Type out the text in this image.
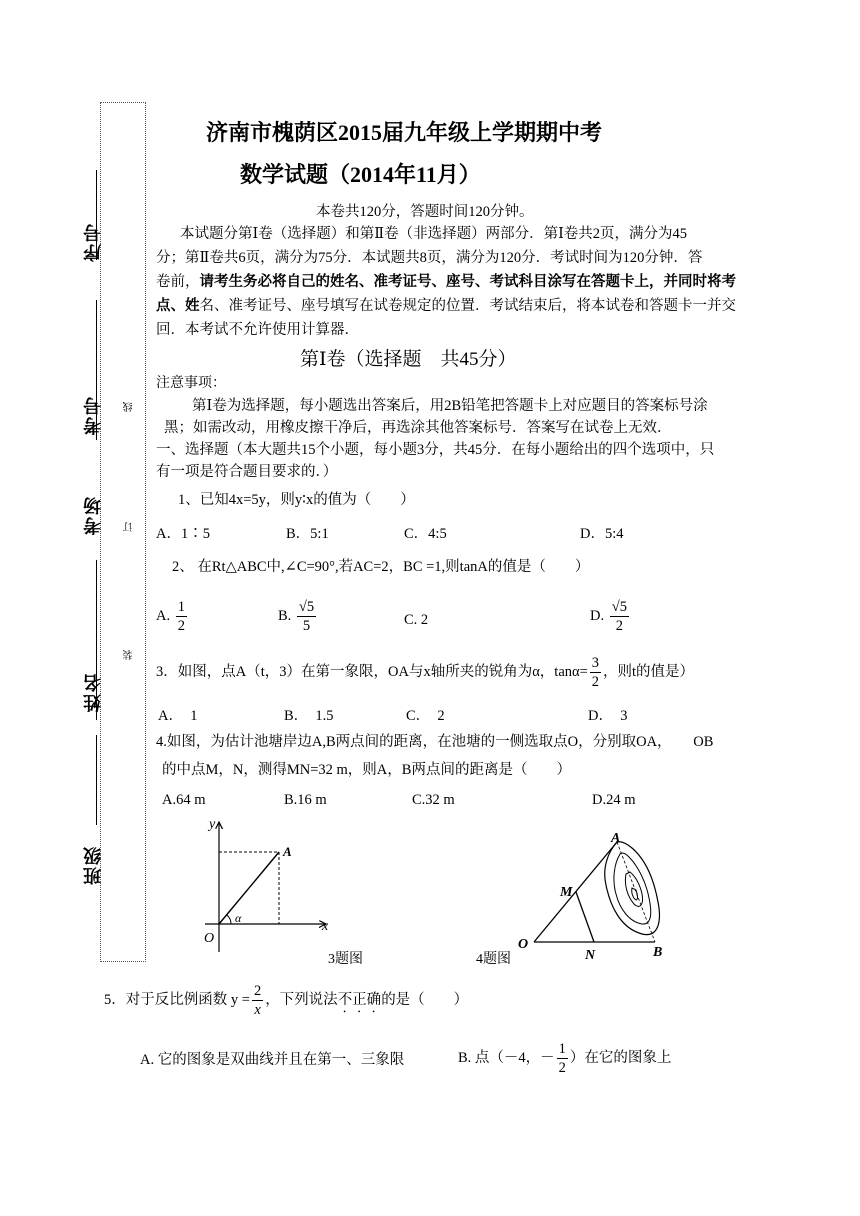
序号
考号
考场
姓名
班级
线
订
装
济南市槐荫区2015届九年级上学期期中考
数学试题（2014年11月）
本卷共120分，答题时间120分钟。
本试题分第Ⅰ卷（选择题）和第Ⅱ卷（非选择题）两部分．第Ⅰ卷共2页，满分为45
分；第Ⅱ卷共6页，满分为75分．本试题共8页，满分为120分．考试时间为120分钟．答
卷前，请考生务必将自己的姓名、准考证号、座号、考试科目涂写在答题卡上，并同时将考
点、姓名、准考证号、座号填写在试卷规定的位置．考试结束后，将本试卷和答题卡一并交
回．本考试不允许使用计算器．
第Ⅰ卷（选择题　共45分）
注意事项：
第Ⅰ卷为选择题，每小题选出答案后，用2B铅笔把答题卡上对应题目的答案标号涂
黑；如需改动，用橡皮擦干净后，再选涂其他答案标号．答案写在试卷上无效．
一、选择题（本大题共15个小题，每小题3分，共45分．在每小题给出的四个选项中，只
有一项是符合题目要求的．）
1、已知4x=5y，则y∶x的值为（　　）
A．1∶5	B．5:1	C．4:5	D．5:4
2、 在Rt△ABC中,∠C=90°,若AC=2，BC =1,则tanA的值是（　　）
A. $\frac{1}{2}$	B. $\frac{√5}{5}$	C. 2	D. $\frac{√5}{2}$
3．如图，点A（t，3）在第一象限，OA与x轴所夹的锐角为α，$\tan\alpha= \frac{3}{2}$ ，则t的值是）
A．　1	B．　1.5	C．　2	D．　3
4.如图，为估计池塘岸边A,B两点间的距离，在池塘的一侧选取点O，分别取OA，　　OB
的中点M，N，测得MN=32 m，则A，B两点间的距离是（　　）
A.64 m	B.16 m	C.32 m	D.24 m
y
x
O
A
α
3题图
A
M
O
N	B
4题图
5．对于反比例函数 $y = \frac{2}{x}$ ，下列说法不正确的是（　　）
A. 它的图象是双曲线并且在第一、三象限	B. 点（－4，－ $\frac{1}{2}$ ）在它的图象上
